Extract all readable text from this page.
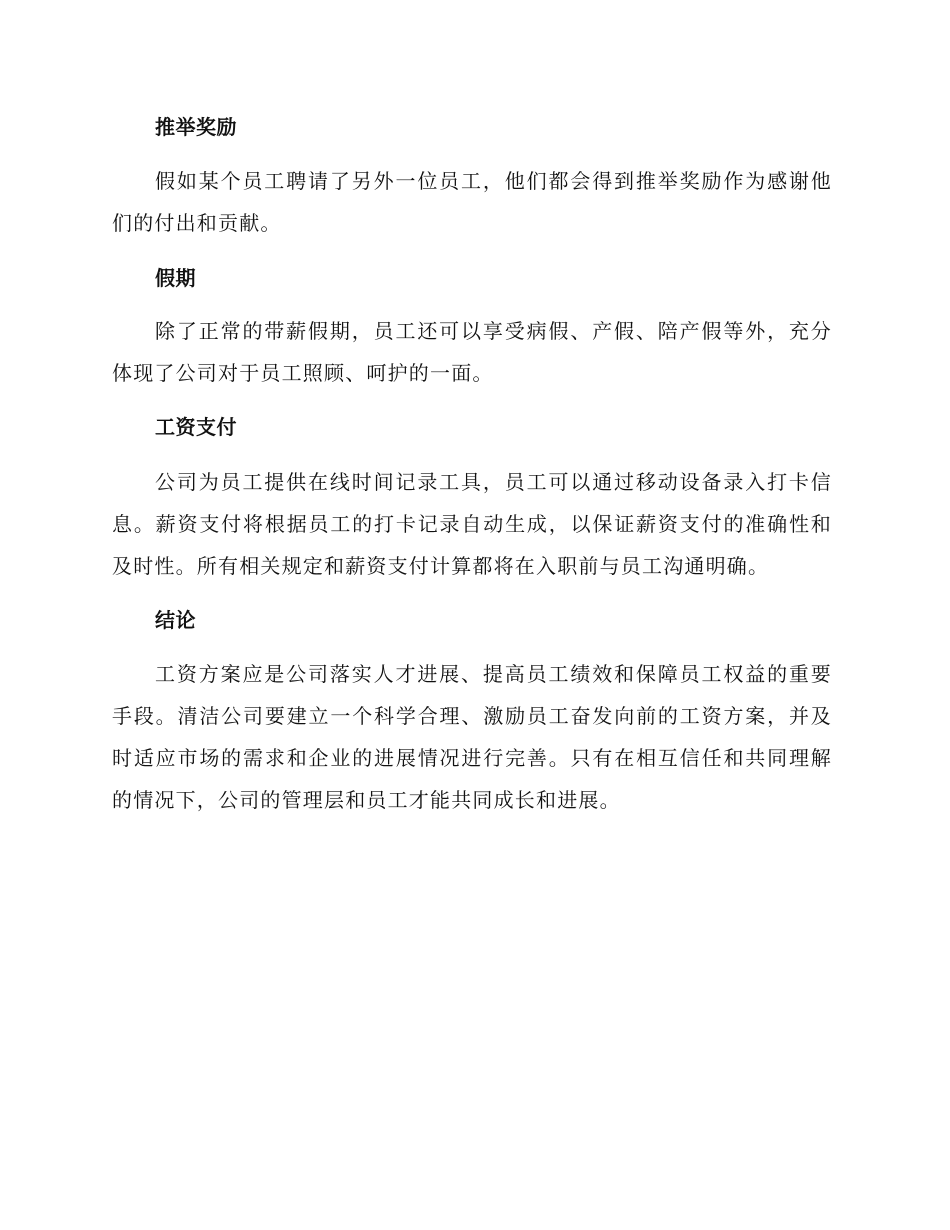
推举奖励

假如某个员工聘请了另外一位员工，他们都会得到推举奖励作为感谢他们的付出和贡献。

假期

除了正常的带薪假期，员工还可以享受病假、产假、陪产假等外，充分体现了公司对于员工照顾、呵护的一面。

工资支付

公司为员工提供在线时间记录工具，员工可以通过移动设备录入打卡信息。薪资支付将根据员工的打卡记录自动生成，以保证薪资支付的准确性和及时性。所有相关规定和薪资支付计算都将在入职前与员工沟通明确。

结论

工资方案应是公司落实人才进展、提高员工绩效和保障员工权益的重要手段。清洁公司要建立一个科学合理、激励员工奋发向前的工资方案，并及时适应市场的需求和企业的进展情况进行完善。只有在相互信任和共同理解的情况下，公司的管理层和员工才能共同成长和进展。
